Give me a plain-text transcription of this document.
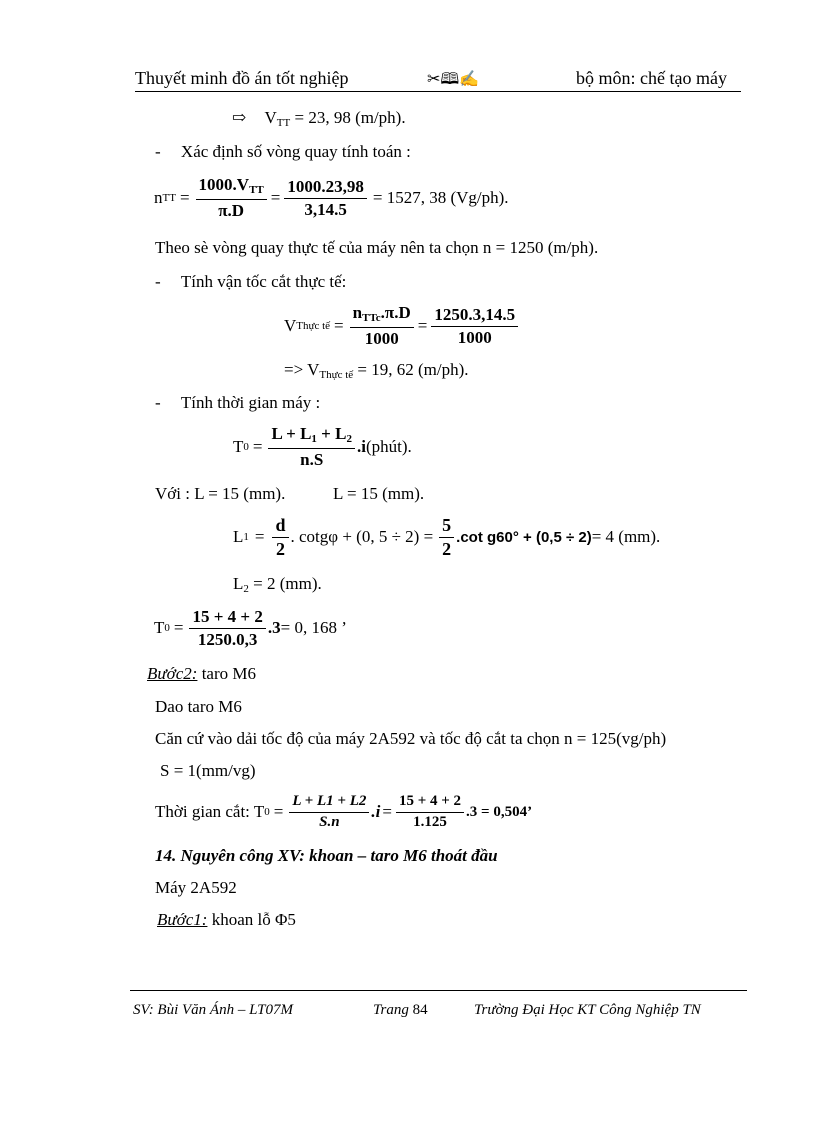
Thuyết minh đồ án tốt nghiệp	✂🕮✍	bộ môn: chế tạo máy
⇨ $V_{TT} = 23$, 98 (m/ph).
- Xác định số vòng quay tính toán :
n TT = $\frac{1000.V_{TT}}{\pi.D} = \frac{1000.23,98}{3,14.5} = 1527$, 38 (Vg/ph).
Theo sè vòng quay thực tế của máy nên ta chọn n = 1250 (m/ph).
- Tính vận tốc cắt thực tế:
V Thực tế = $\frac{n_{TTc}.\pi.D}{1000} = \frac{1250.3,14.5}{1000}$
=> $V_{Thực tế} = 19$, 62 (m/ph).
- Tính thời gian máy :
T $0 = \frac{L + L_1 + L_2}{n.S} .i$ (phút).
Với : L = 15 (mm).	L = 15 (mm).
L $1 = \frac{d}{2}$ . cotgφ + (0, $5 \div 2) = \frac{5}{2} .\cot$ g60° + (0,5 ÷ 2) = 4 (mm).
$L_2 = 2$ (mm).
T $0 = \frac{15 + 4 + 2}{1250.0,3} .3 = 0$, 168 ’
Bước2: taro M6
Dao taro M6
Căn cứ vào dải tốc độ của máy 2A592 và tốc độ cắt ta chọn n = 125(vg/ph)
S = 1(mm/vg)
Thời gian cắt: T $0 = \frac{L + L1 + L2}{S.n} .i = \frac{15 + 4 + 2}{1.125} .3 = 0,504$’
14. Nguyên công XV: khoan – taro M6 thoát đầu
Máy 2A592
Bước1: khoan lỗ Φ5
SV: Bùi Văn Ánh – LT07M	Trang 84	Trường Đại Học KT Công Nghiệp TN
